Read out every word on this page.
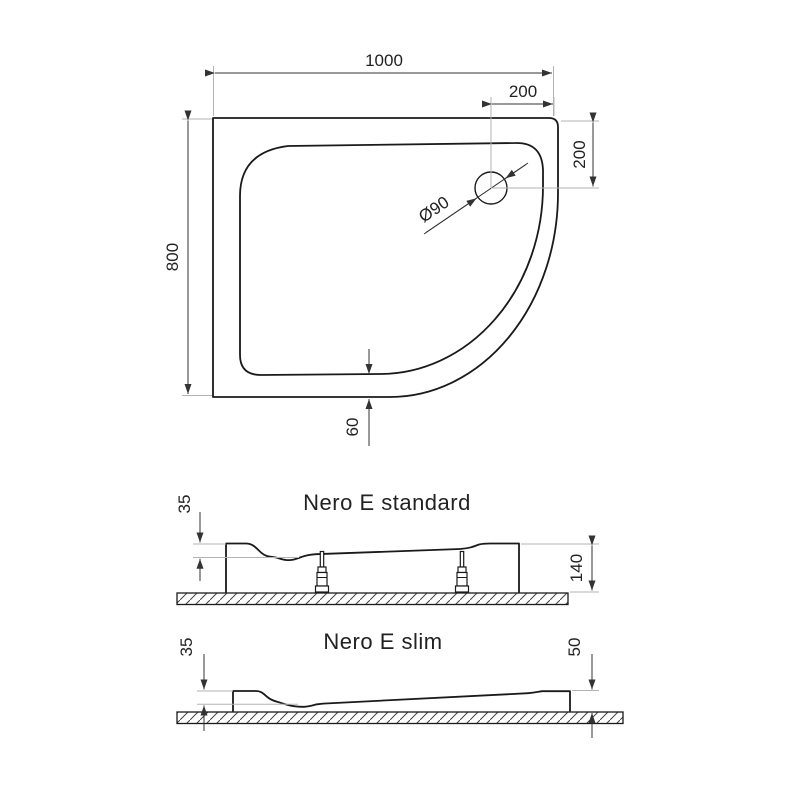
Ø90
1000
200
200
800
60
Nero E standard
35
140
Nero E slim
35	50
